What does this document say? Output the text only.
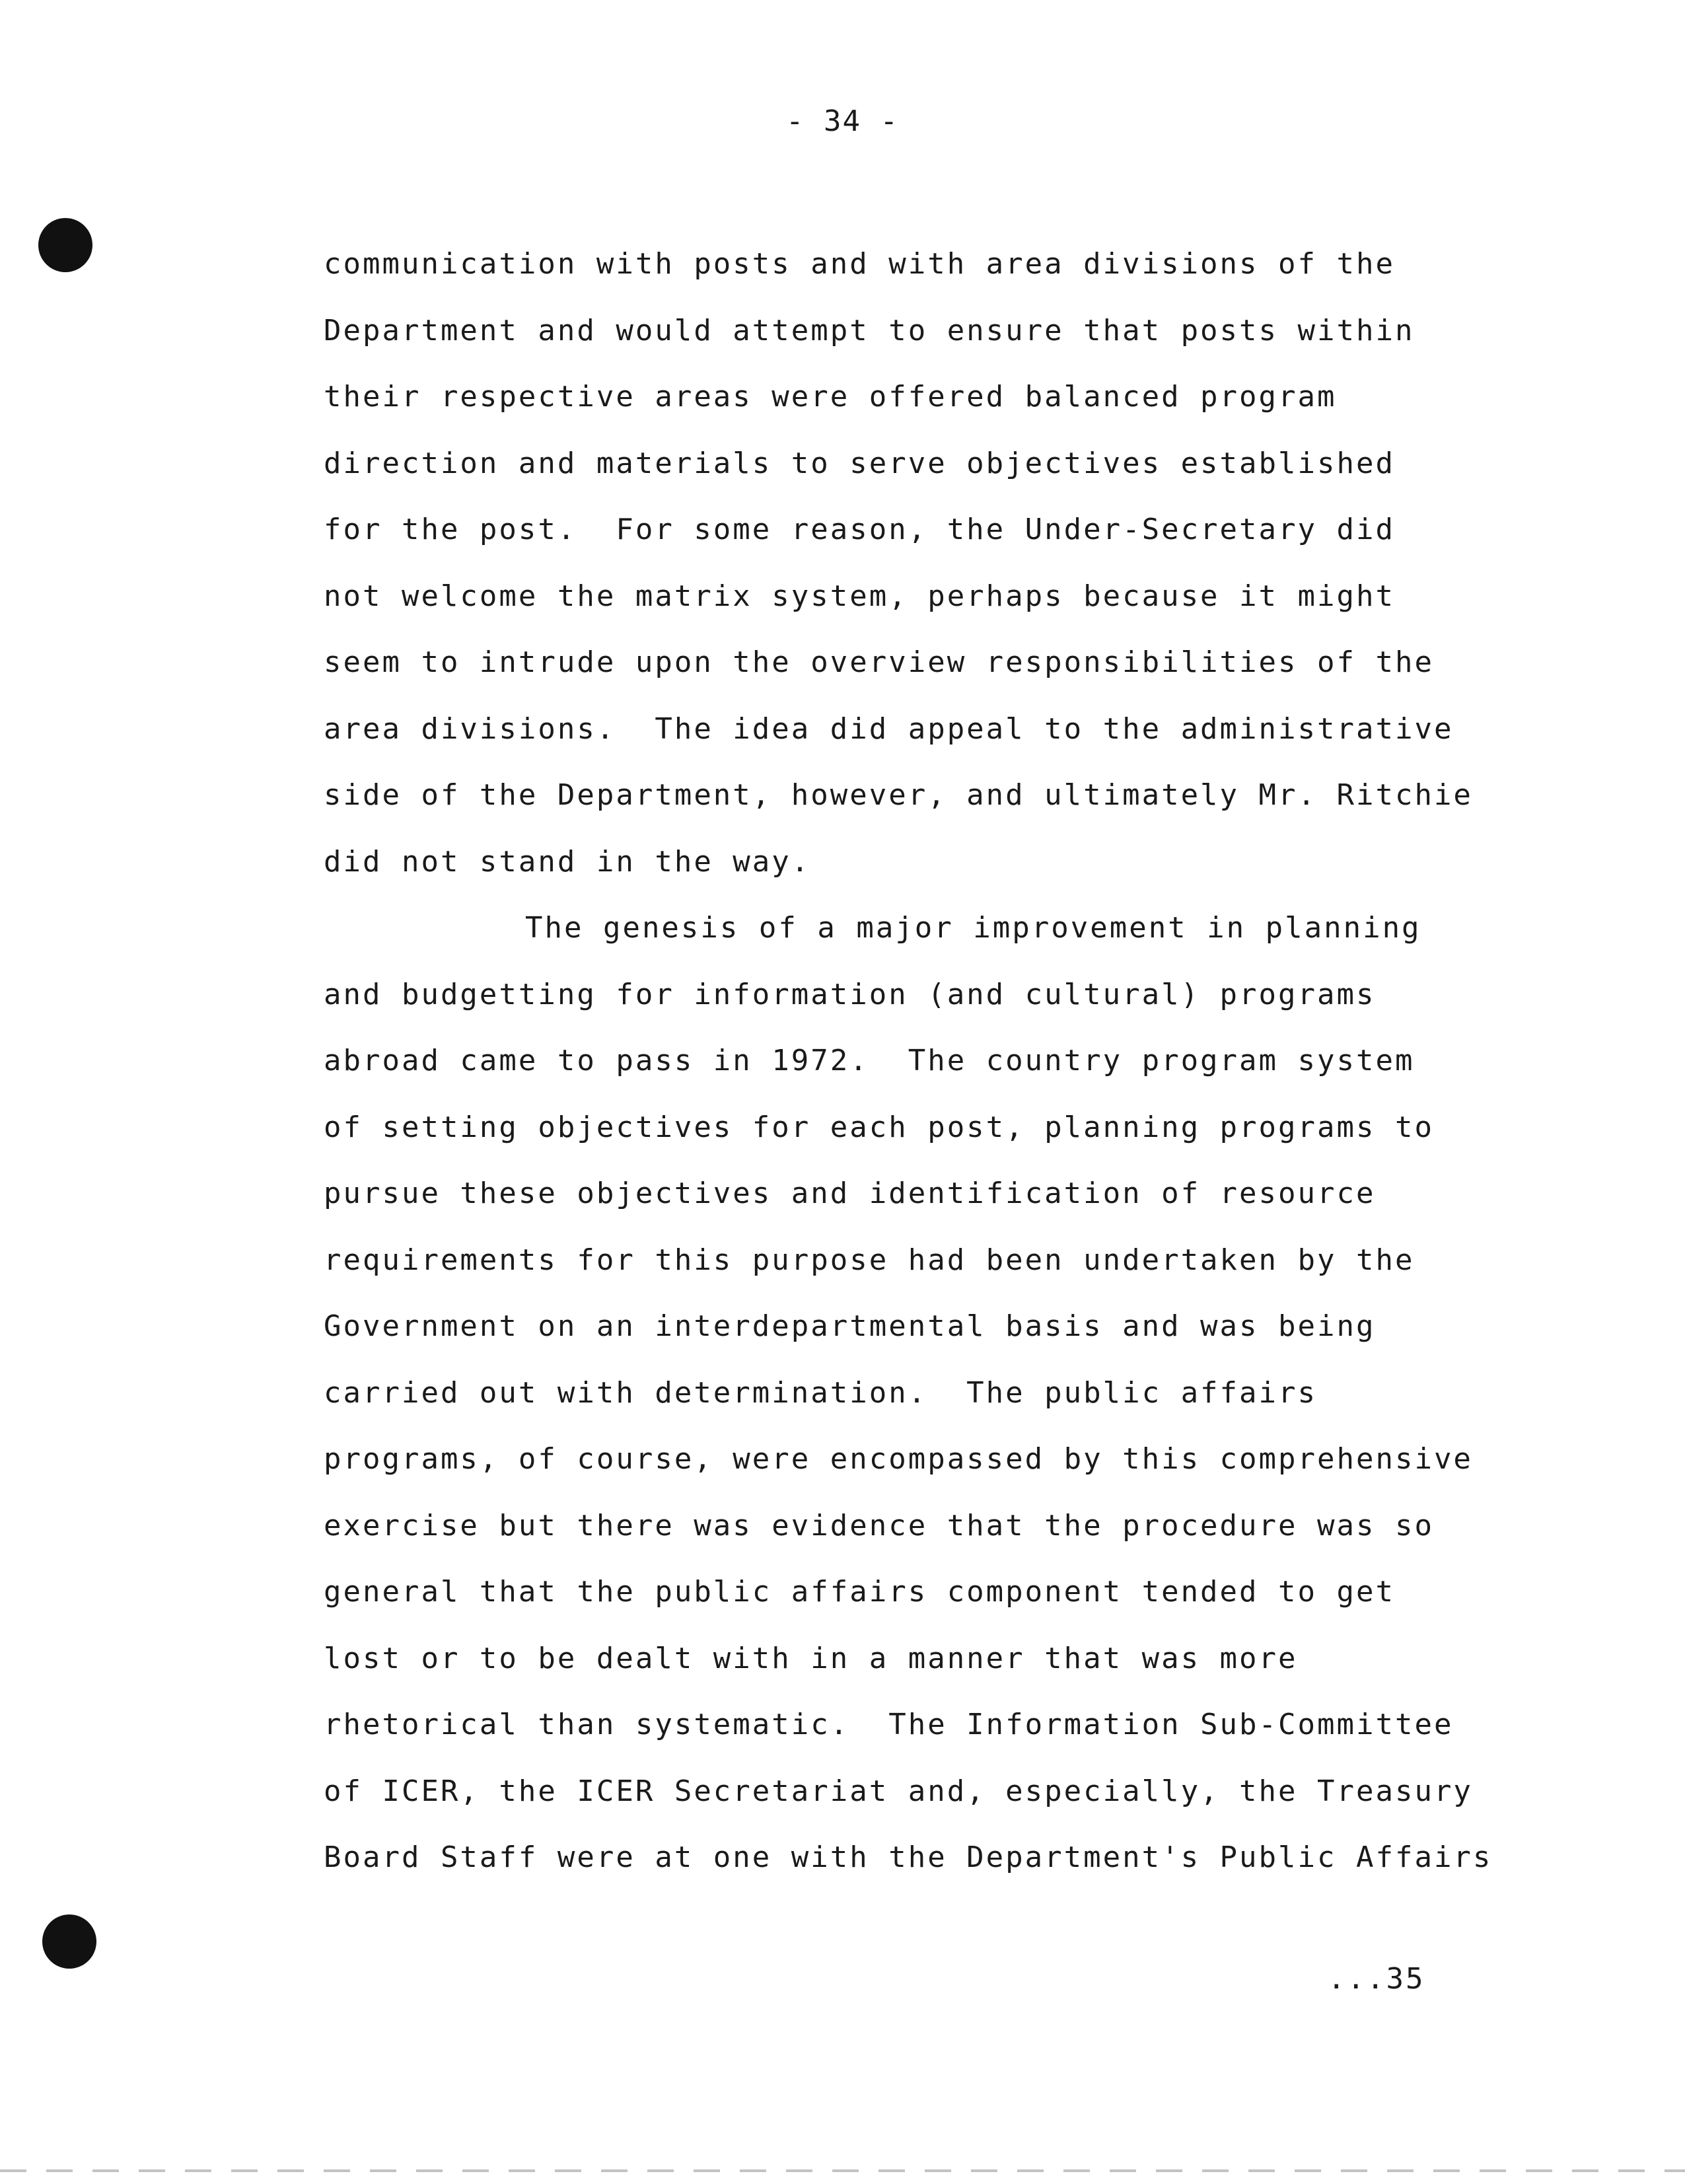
- 34 -
communication with posts and with area divisions of the
Department and would attempt to ensure that posts within
their respective areas were offered balanced program
direction and materials to serve objectives established
for the post.  For some reason, the Under-Secretary did
not welcome the matrix system, perhaps because it might
seem to intrude upon the overview responsibilities of the
area divisions.  The idea did appeal to the administrative
side of the Department, however, and ultimately Mr. Ritchie
did not stand in the way.
The genesis of a major improvement in planning
and budgetting for information (and cultural) programs
abroad came to pass in 1972.  The country program system
of setting objectives for each post, planning programs to
pursue these objectives and identification of resource
requirements for this purpose had been undertaken by the
Government on an interdepartmental basis and was being
carried out with determination.  The public affairs
programs, of course, were encompassed by this comprehensive
exercise but there was evidence that the procedure was so
general that the public affairs component tended to get
lost or to be dealt with in a manner that was more
rhetorical than systematic.  The Information Sub-Committee
of ICER, the ICER Secretariat and, especially, the Treasury
Board Staff were at one with the Department's Public Affairs
...35
